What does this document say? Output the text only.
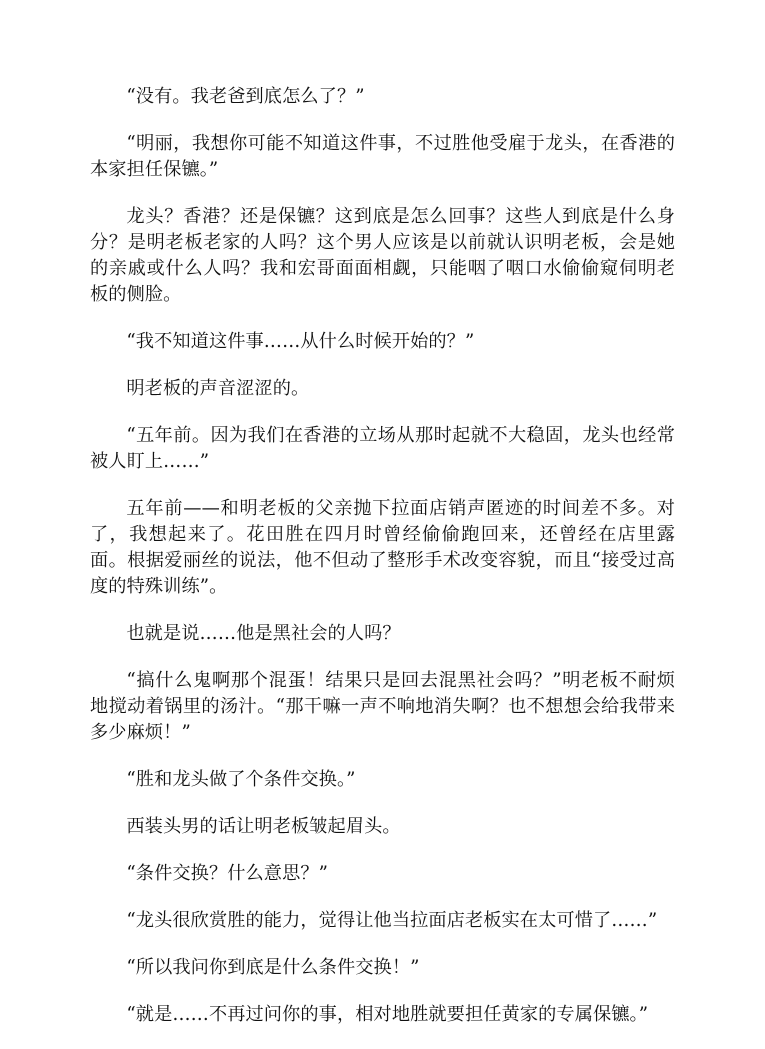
“没有。我老爸到底怎么了？”

“明丽，我想你可能不知道这件事，不过胜他受雇于龙头，在香港的本家担任保镳。”

龙头？香港？还是保镳？这到底是怎么回事？这些人到底是什么身分？是明老板老家的人吗？这个男人应该是以前就认识明老板，会是她的亲戚或什么人吗？我和宏哥面面相觑，只能咽了咽口水偷偷窥伺明老板的侧脸。

“我不知道这件事……从什么时候开始的？”

明老板的声音涩涩的。

“五年前。因为我们在香港的立场从那时起就不大稳固，龙头也经常被人盯上……”

五年前——和明老板的父亲抛下拉面店销声匿迹的时间差不多。对了，我想起来了。花田胜在四月时曾经偷偷跑回来，还曾经在店里露面。根据爱丽丝的说法，他不但动了整形手术改变容貌，而且“接受过高度的特殊训练”。

也就是说……他是黑社会的人吗？

“搞什么鬼啊那个混蛋！结果只是回去混黑社会吗？”明老板不耐烦地搅动着锅里的汤汁。“那干嘛一声不响地消失啊？也不想想会给我带来多少麻烦！”

“胜和龙头做了个条件交换。”

西装头男的话让明老板皱起眉头。

“条件交换？什么意思？”

“龙头很欣赏胜的能力，觉得让他当拉面店老板实在太可惜了……”

“所以我问你到底是什么条件交换！”

“就是……不再过问你的事，相对地胜就要担任黄家的专属保镳。”
